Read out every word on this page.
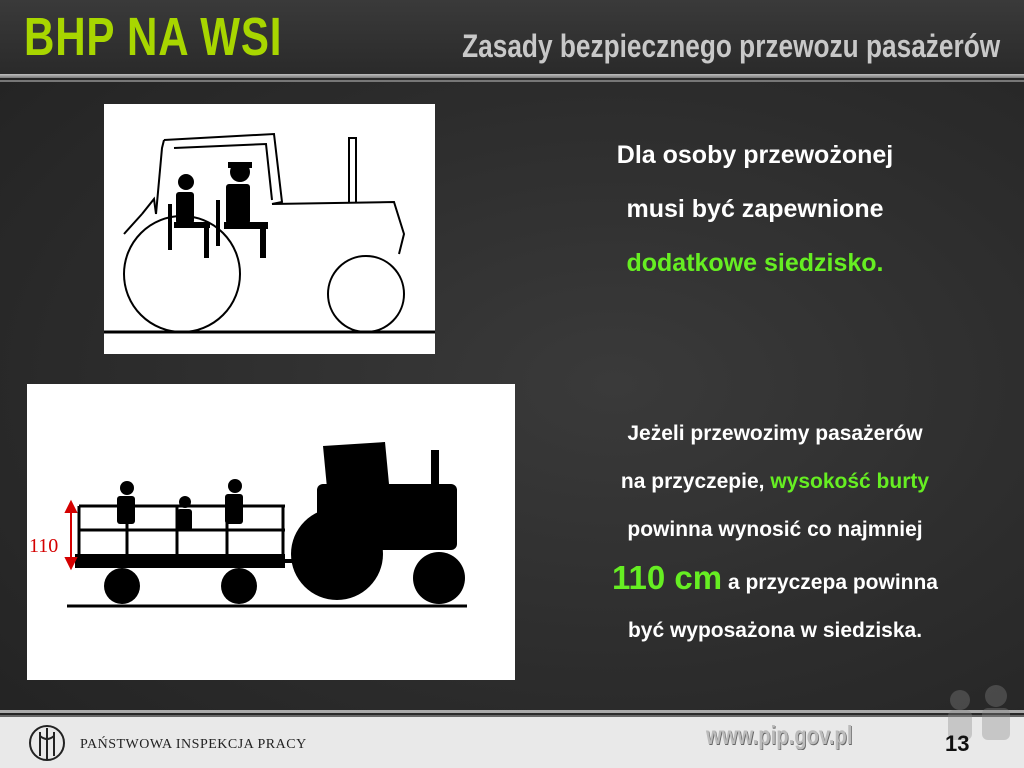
BHP NA WSI	Zasady bezpiecznego przewozu pasażerów
Dla osoby przewożonej
musi być zapewnione
dodatkowe siedzisko.
110
Jeżeli przewozimy pasażerów
na przyczepie, wysokość burty
powinna wynosić co najmniej
110 cm a przyczepa powinna
być wyposażona w siedziska.
PAŃSTWOWA INSPEKCJA PRACY	www.pip.gov.pl	13
